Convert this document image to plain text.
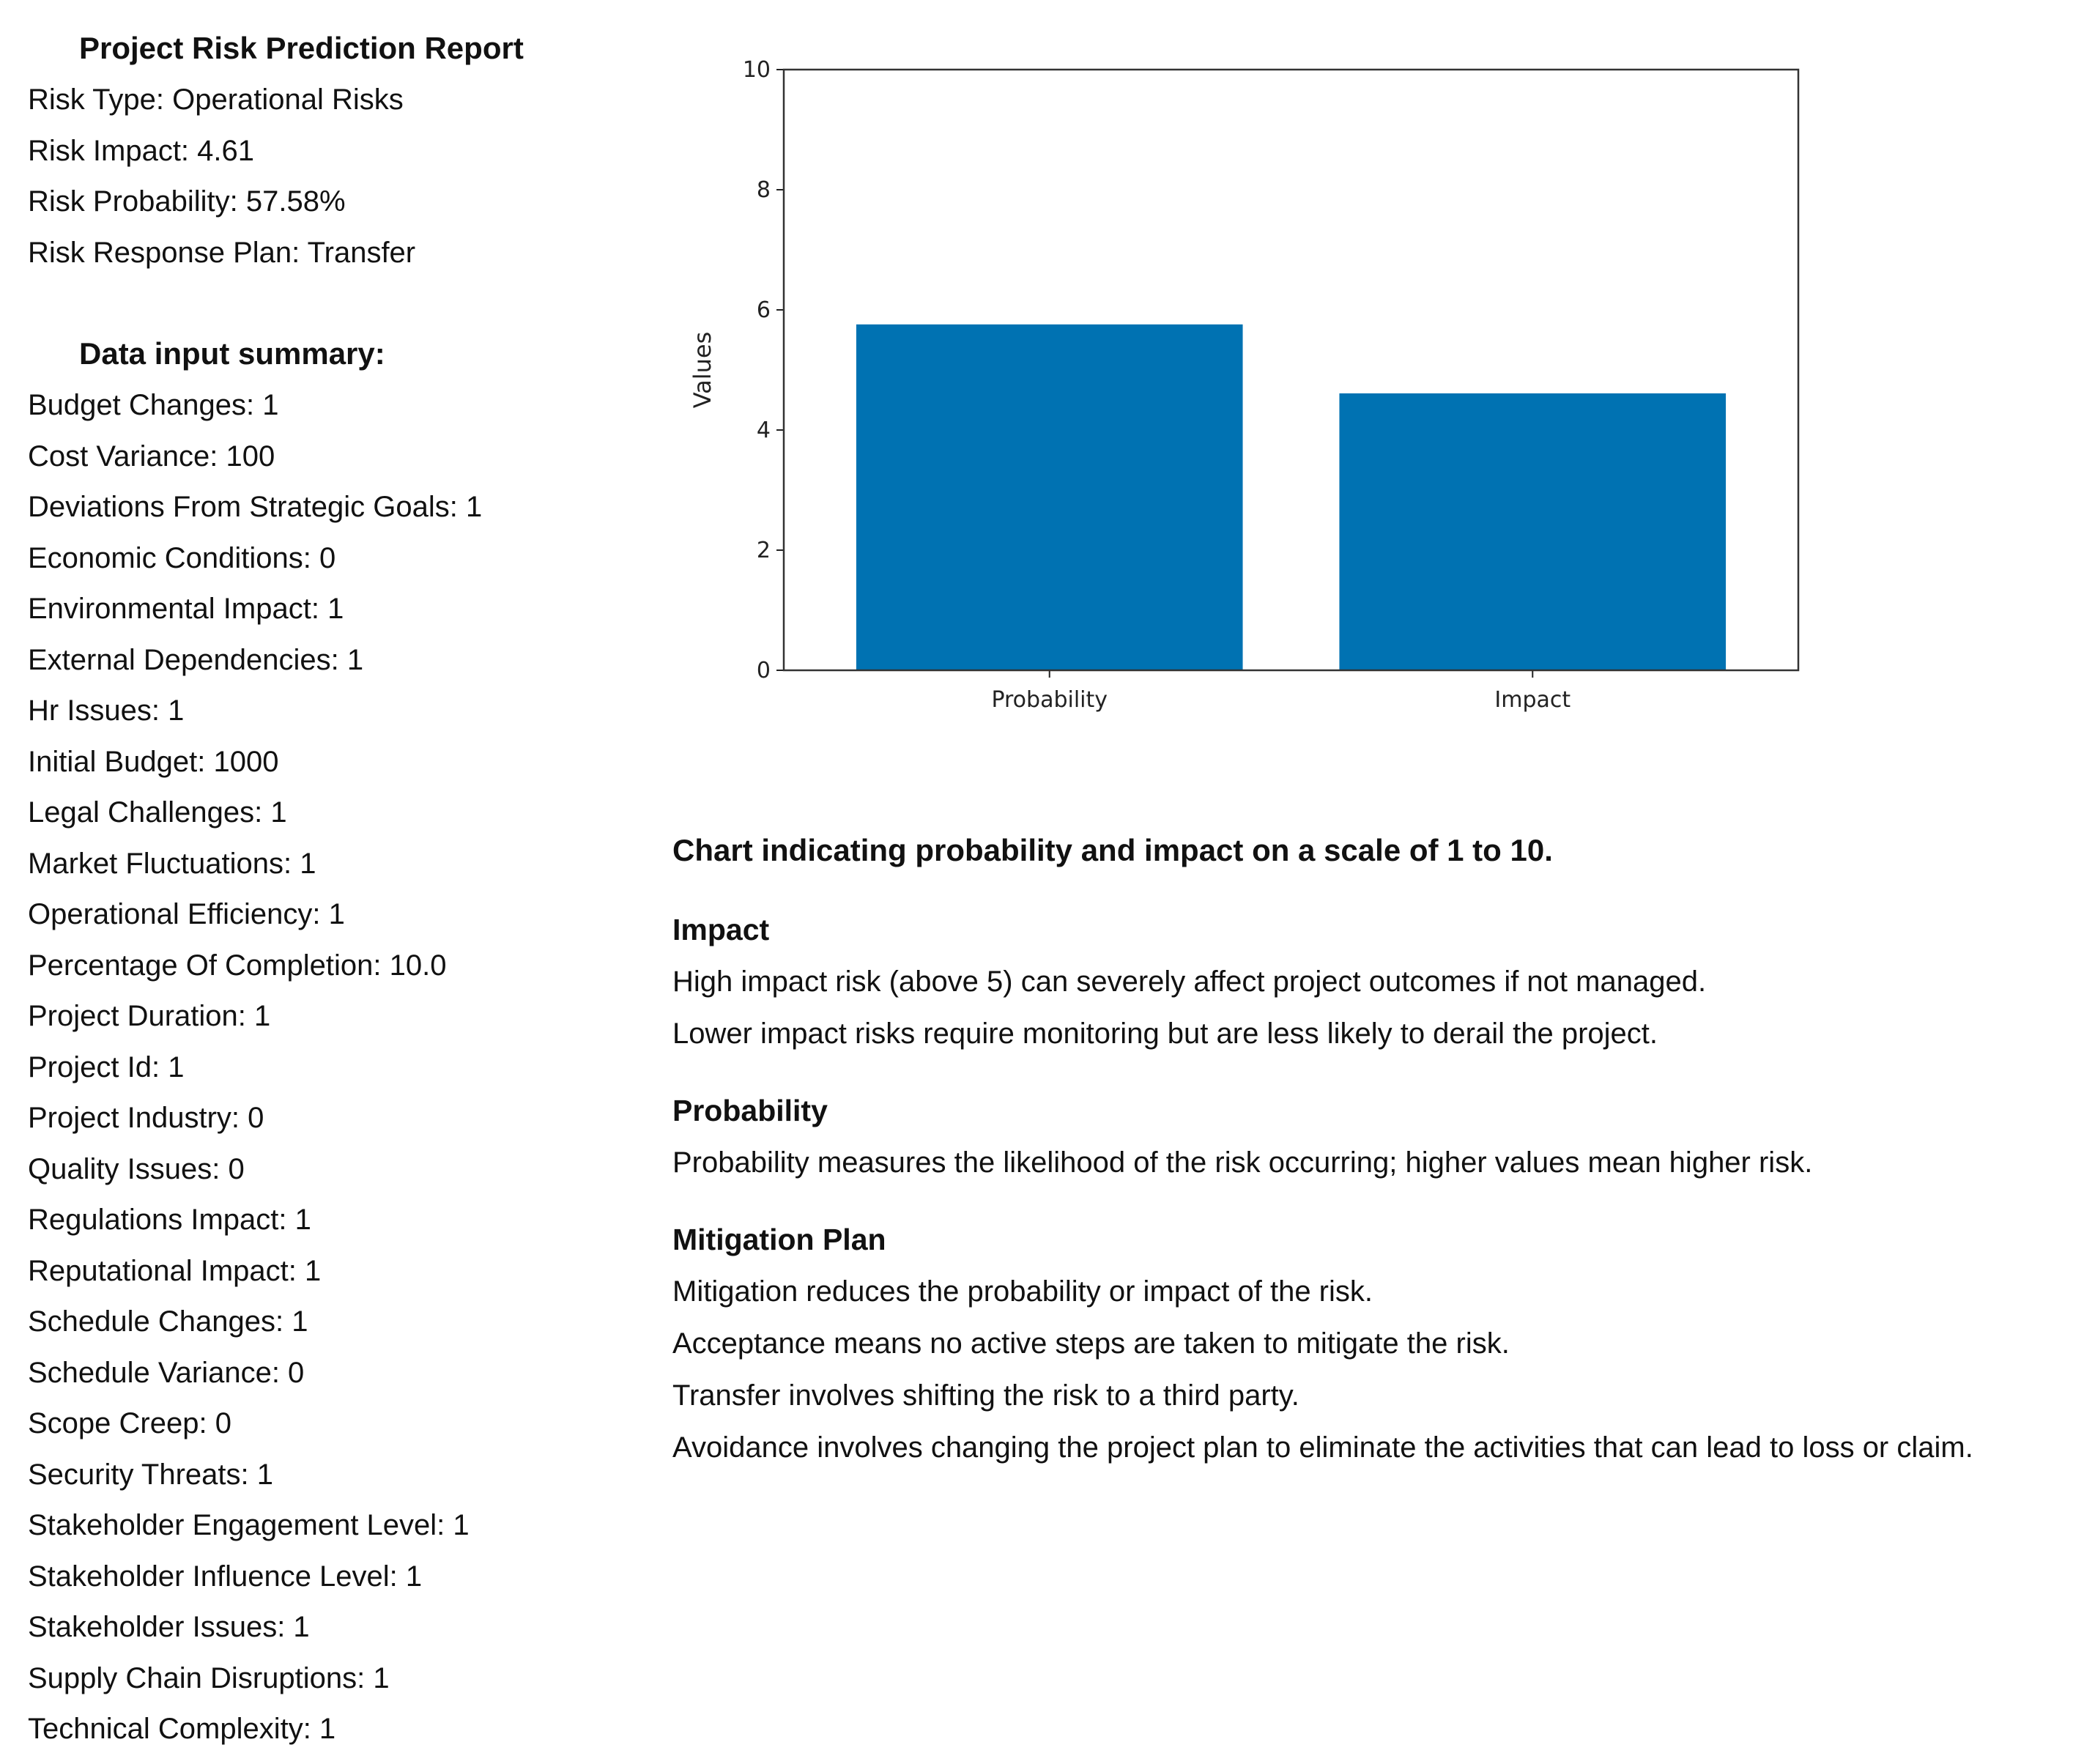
Project Risk Prediction Report
Risk Type: Operational Risks
Risk Impact: 4.61
Risk Probability: 57.58%
Risk Response Plan: Transfer
Data input summary:
Budget Changes: 1
Cost Variance: 100
Deviations From Strategic Goals: 1
Economic Conditions: 0
Environmental Impact: 1
External Dependencies: 1
Hr Issues: 1
Initial Budget: 1000
Legal Challenges: 1
Market Fluctuations: 1
Operational Efficiency: 1
Percentage Of Completion: 10.0
Project Duration: 1
Project Id: 1
Project Industry: 0
Quality Issues: 0
Regulations Impact: 1
Reputational Impact: 1
Schedule Changes: 1
Schedule Variance: 0
Scope Creep: 0
Security Threats: 1
Stakeholder Engagement Level: 1
Stakeholder Influence Level: 1
Stakeholder Issues: 1
Supply Chain Disruptions: 1
Technical Complexity: 1
Probability	Impact
0
2
4
6
8
10
Values
Chart indicating probability and impact on a scale of 1 to 10.
Impact
High impact risk (above 5) can severely affect project outcomes if not managed.
Lower impact risks require monitoring but are less likely to derail the project.
Probability
Probability measures the likelihood of the risk occurring; higher values mean higher risk.
Mitigation Plan
Mitigation reduces the probability or impact of the risk.
Acceptance means no active steps are taken to mitigate the risk.
Transfer involves shifting the risk to a third party.
Avoidance involves changing the project plan to eliminate the activities that can lead to loss or claim.
